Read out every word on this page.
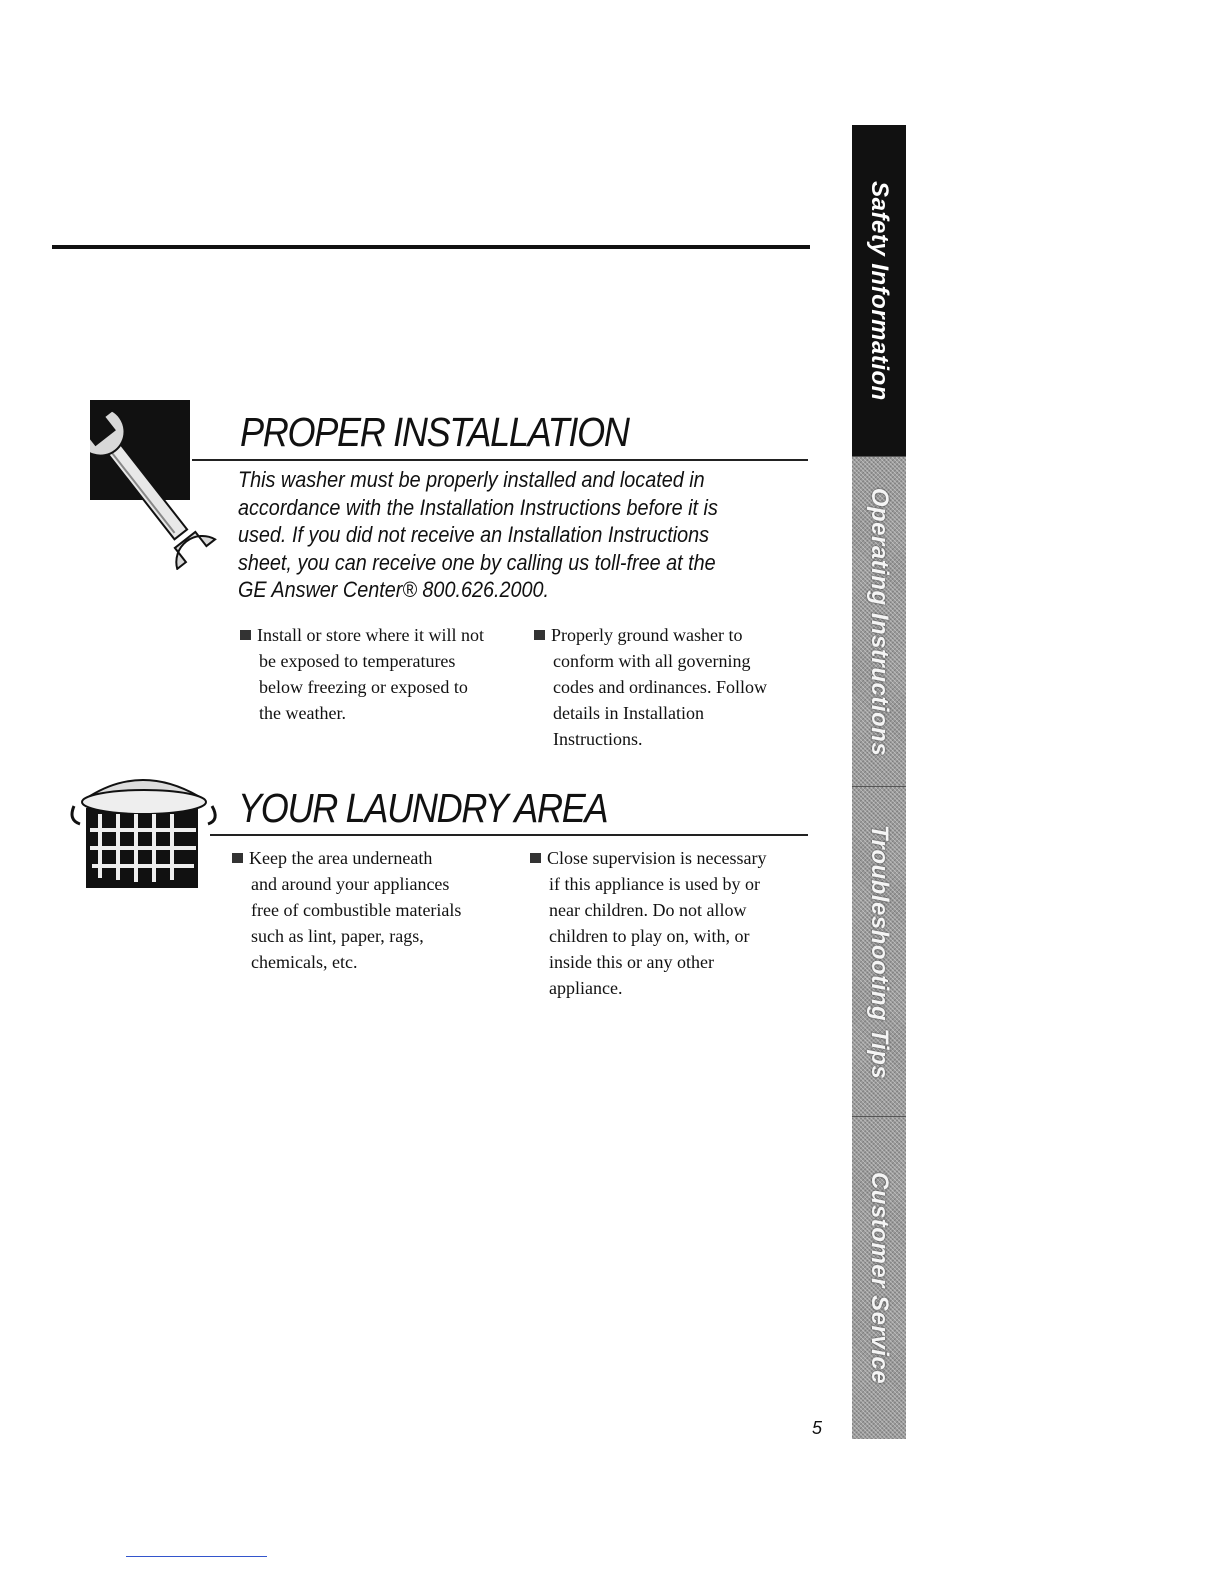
Safety Information
Operating Instructions
Troubleshooting Tips
Customer Service
PROPER INSTALLATION

This washer must be properly installed and located in

accordance with the Installation Instructions before it is

used. If you did not receive an Installation Instructions

sheet, you can receive one by calling us toll-free at the

GE Answer Center® 800.626.2000.

Install or store where it will not
be exposed to temperatures
below freezing or exposed to
the weather.
Properly ground washer to
conform with all governing
codes and ordinances. Follow
details in Installation
Instructions.
YOUR LAUNDRY AREA
Keep the area underneath
and around your appliances
free of combustible materials
such as lint, paper, rags,
chemicals, etc.
Close supervision is necessary
if this appliance is used by or
near children. Do not allow
children to play on, with, or
inside this or any other
appliance.
5
